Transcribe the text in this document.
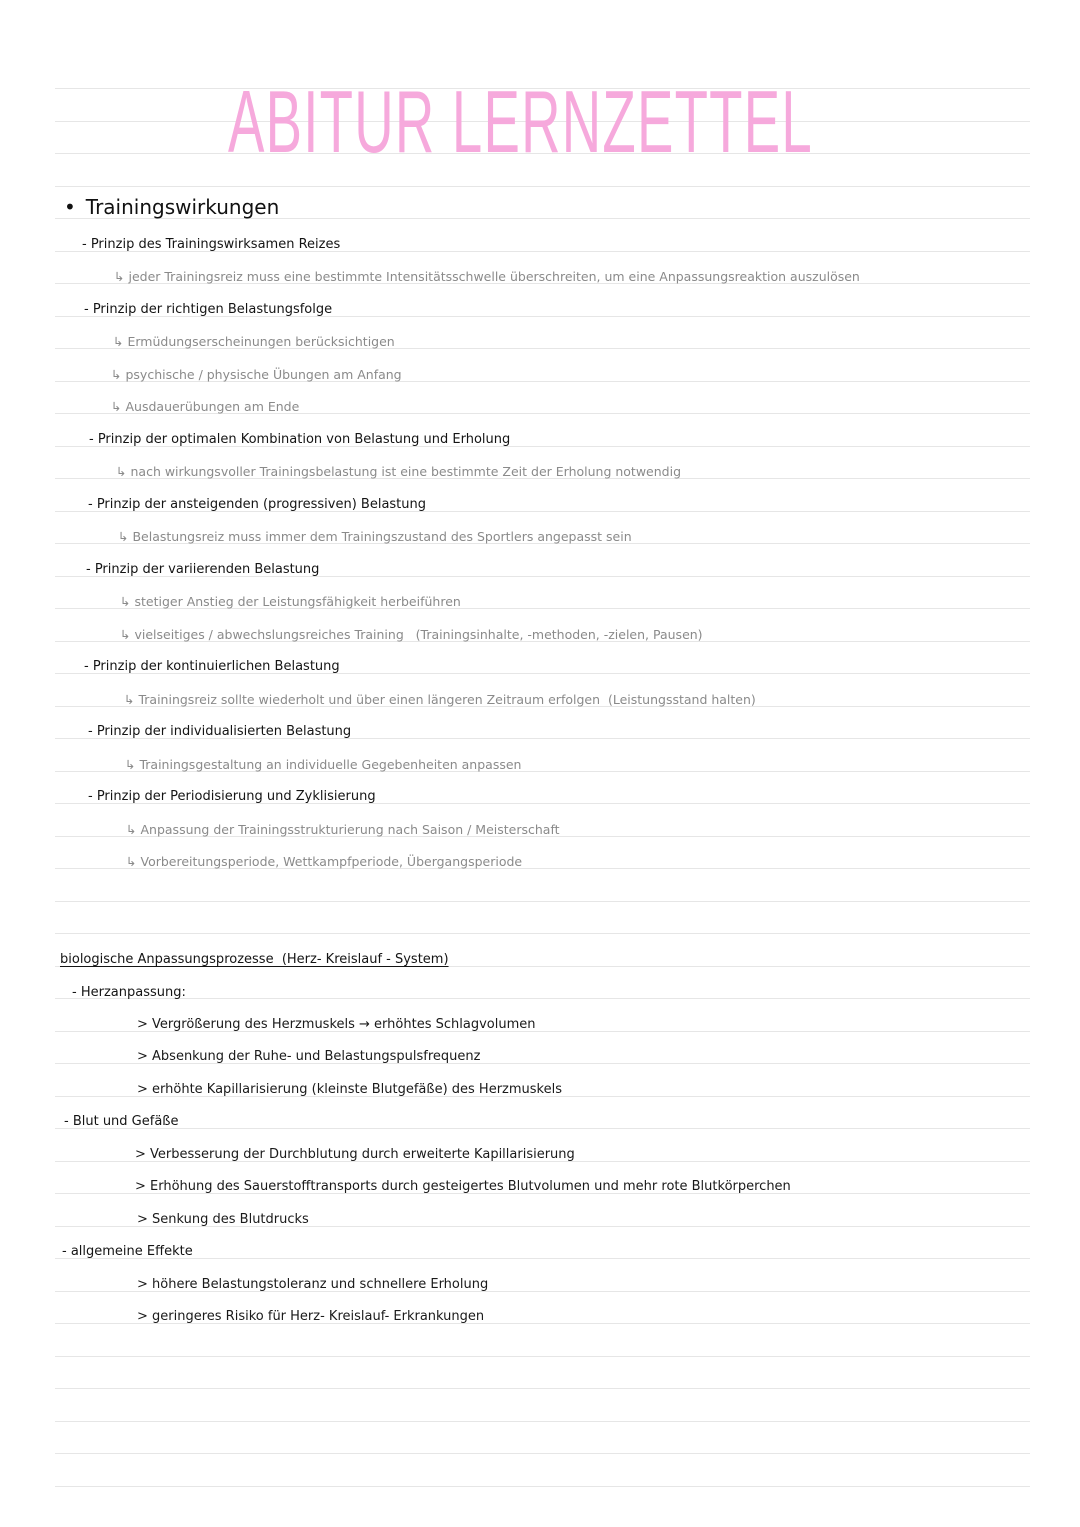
ABITUR LERNZETTEL
• Trainingswirkungen
- Prinzip des Trainingswirksamen Reizes
↳ jeder Trainingsreiz muss eine bestimmte Intensitätsschwelle überschreiten, um eine Anpassungsreaktion auszulösen
- Prinzip der richtigen Belastungsfolge
↳ Ermüdungserscheinungen berücksichtigen
↳ psychische / physische Übungen am Anfang
↳ Ausdauerübungen am Ende
- Prinzip der optimalen Kombination von Belastung und Erholung
↳ nach wirkungsvoller Trainingsbelastung ist eine bestimmte Zeit der Erholung notwendig
- Prinzip der ansteigenden (progressiven) Belastung
↳ Belastungsreiz muss immer dem Trainingszustand des Sportlers angepasst sein
- Prinzip der variierenden Belastung
↳ stetiger Anstieg der Leistungsfähigkeit herbeiführen
↳ vielseitiges / abwechslungsreiches Training   (Trainingsinhalte, -methoden, -zielen, Pausen)
- Prinzip der kontinuierlichen Belastung
↳ Trainingsreiz sollte wiederholt und über einen längeren Zeitraum erfolgen  (Leistungsstand halten)
- Prinzip der individualisierten Belastung
↳ Trainingsgestaltung an individuelle Gegebenheiten anpassen
- Prinzip der Periodisierung und Zyklisierung
↳ Anpassung der Trainingsstrukturierung nach Saison / Meisterschaft
↳ Vorbereitungsperiode, Wettkampfperiode, Übergangsperiode
biologische Anpassungsprozesse  (Herz- Kreislauf - System)
- Herzanpassung:
> Vergrößerung des Herzmuskels → erhöhtes Schlagvolumen
> Absenkung der Ruhe- und Belastungspulsfrequenz
> erhöhte Kapillarisierung (kleinste Blutgefäße) des Herzmuskels
- Blut und Gefäße
> Verbesserung der Durchblutung durch erweiterte Kapillarisierung
> Erhöhung des Sauerstofftransports durch gesteigertes Blutvolumen und mehr rote Blutkörperchen
> Senkung des Blutdrucks
- allgemeine Effekte
> höhere Belastungstoleranz und schnellere Erholung
> geringeres Risiko für Herz- Kreislauf- Erkrankungen
